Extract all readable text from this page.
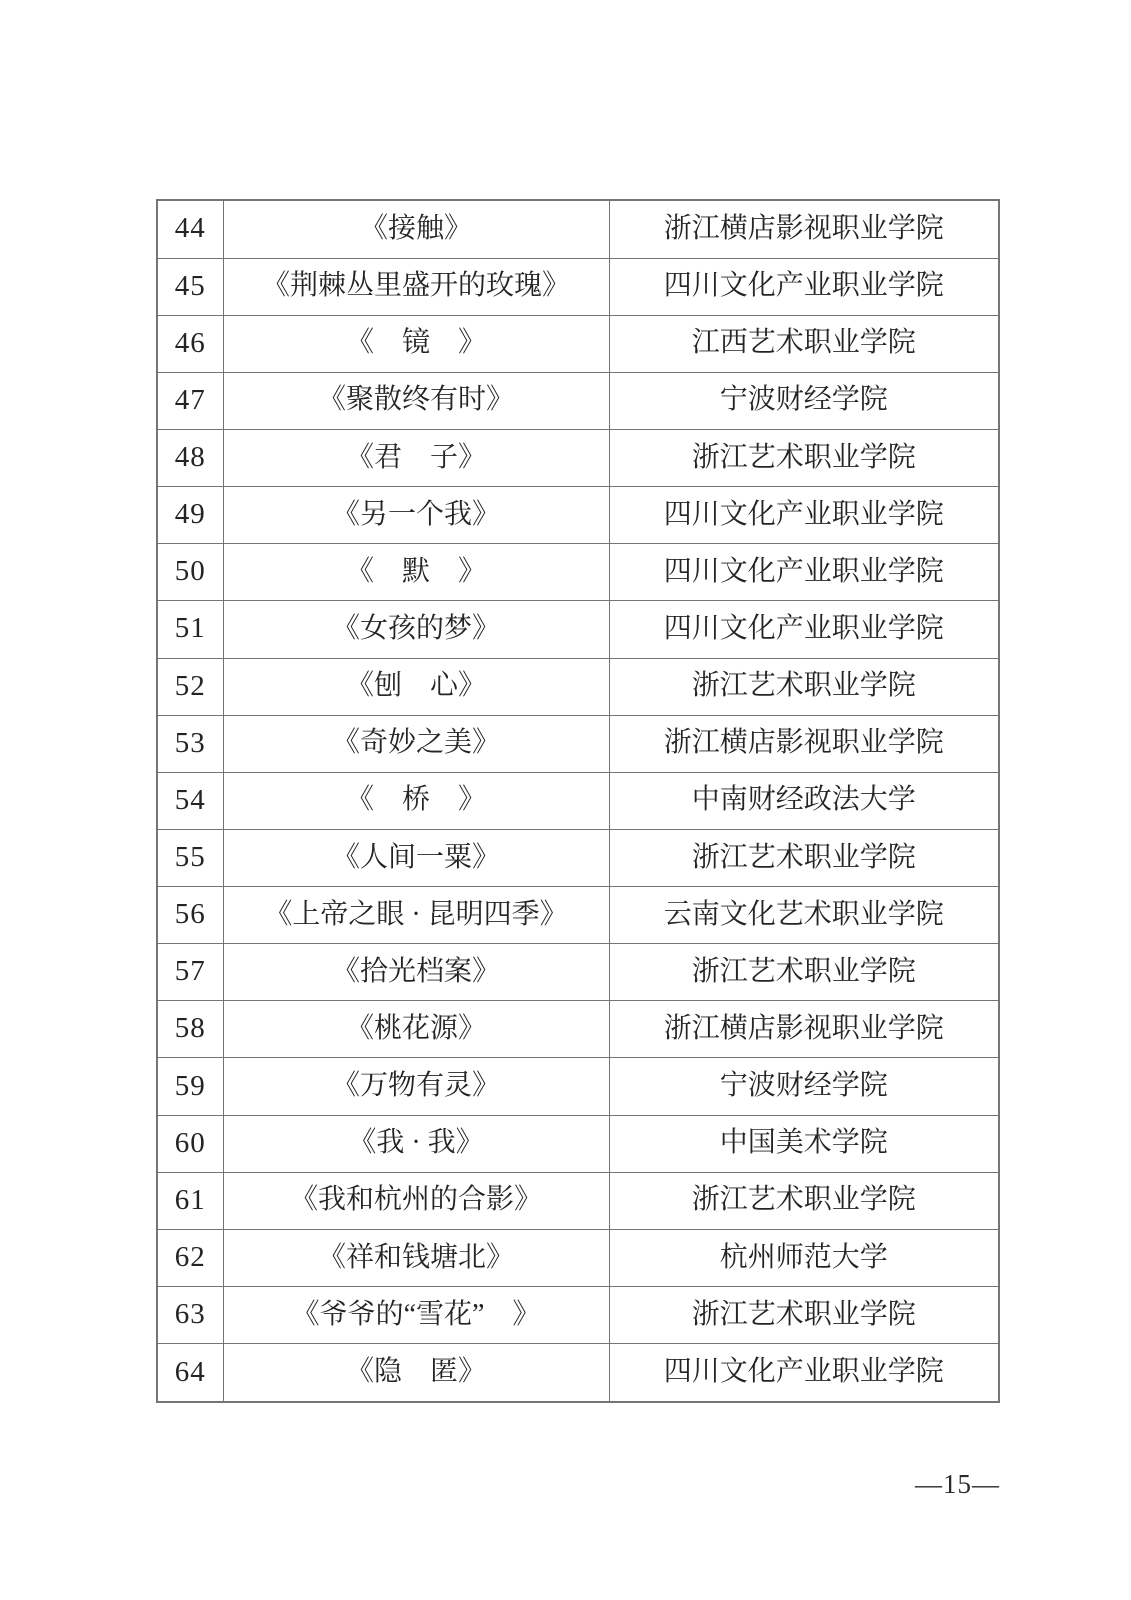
44	《接触》	浙江横店影视职业学院
45	《荆棘丛里盛开的玫瑰》	四川文化产业职业学院
46	《　镜　》	江西艺术职业学院
47	《聚散终有时》	宁波财经学院
48	《君　子》	浙江艺术职业学院
49	《另一个我》	四川文化产业职业学院
50	《　默　》	四川文化产业职业学院
51	《女孩的梦》	四川文化产业职业学院
52	《刨　心》	浙江艺术职业学院
53	《奇妙之美》	浙江横店影视职业学院
54	《　桥　》	中南财经政法大学
55	《人间一粟》	浙江艺术职业学院
56	《上帝之眼 · 昆明四季》	云南文化艺术职业学院
57	《拾光档案》	浙江艺术职业学院
58	《桃花源》	浙江横店影视职业学院
59	《万物有灵》	宁波财经学院
60	《我 · 我》	中国美术学院
61	《我和杭州的合影》	浙江艺术职业学院
62	《祥和钱塘北》	杭州师范大学
63	《爷爷的“雪花”　》	浙江艺术职业学院
64	《隐　匿》	四川文化产业职业学院
—15—
